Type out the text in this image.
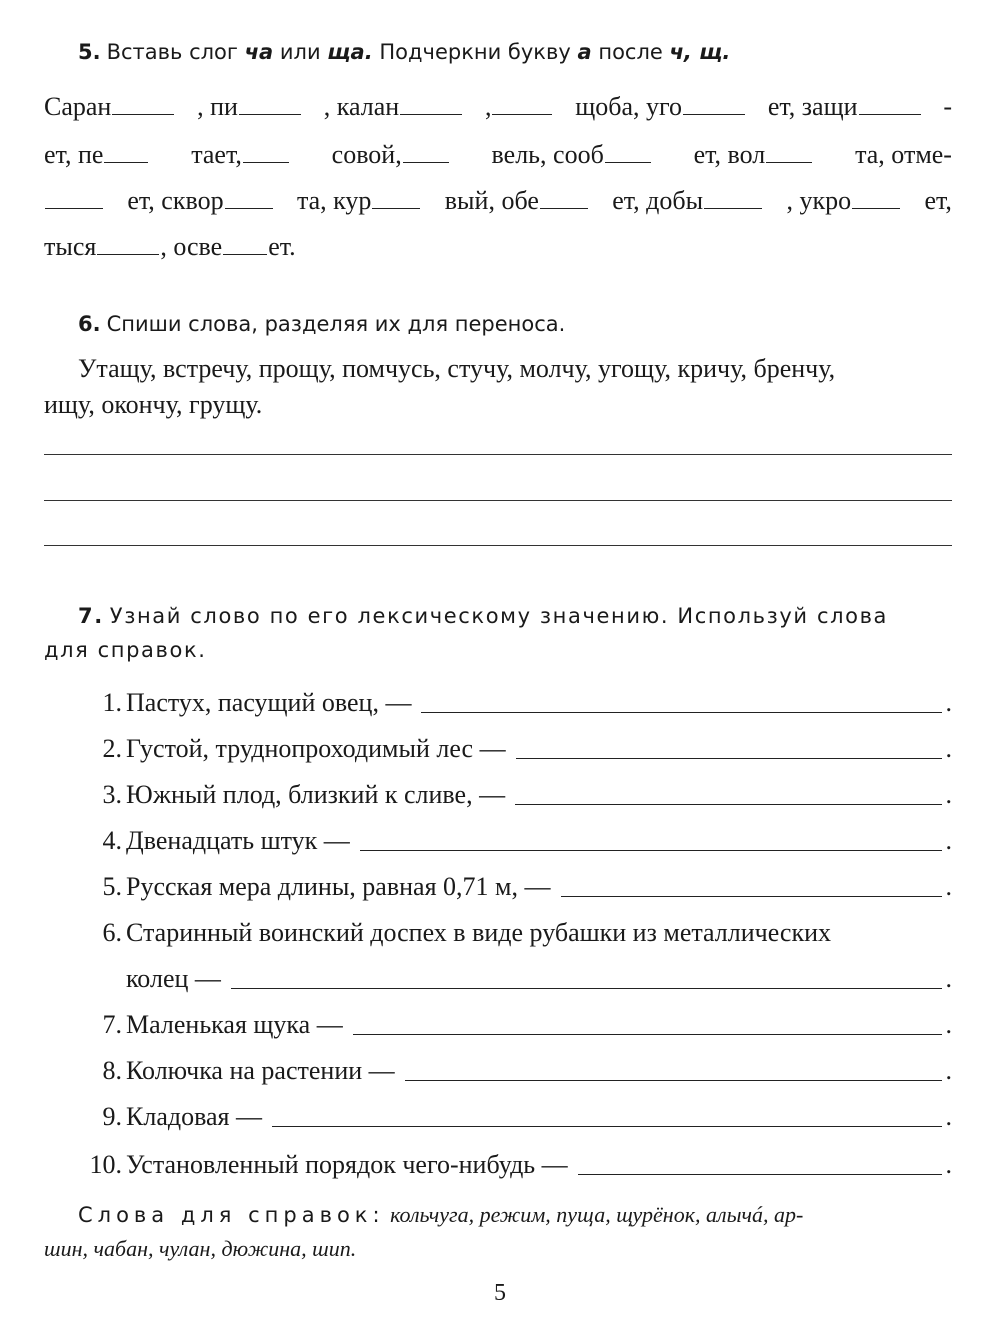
5. Вставь слог ча или ща. Подчеркни букву а после ч, щ.
Саран	, пи	, калан	,	щоба, уго	ет, защи	-
ет, пе	тает,	совой,	вель, сооб	ет, вол	та, отме-
ет, сквор	та, кур	вый, обе	ет, добы	, укро	ет,
тыся , осве ет.
6. Спиши слова, разделяя их для переноса.
Утащу, встречу, прощу, помчусь, стучу, молчу, угощу, кричу, бренчу,
ищу, окончу, грущу.
7. Узнай слово по его лексическому значению. Используй слова
для справок.
1. Пастух, пасущий овец, —	.
2. Густой, труднопроходимый лес —	.
3. Южный плод, близкий к сливе, —	.
4. Двенадцать штук —	.
5. Русская мера длины, равная 0,71 м, —	.
6. Старинный воинский доспех в виде рубашки из металлических
колец —	.
7. Маленькая щука —	.
8. Колючка на растении —	.
9. Кладовая —	.
10. Установленный порядок чего-нибудь —	.
Слова для справок: кольчуга, режим, пуща, щурёнок, алычá, ар-
шин, чабан, чулан, дюжина, шип.
5
